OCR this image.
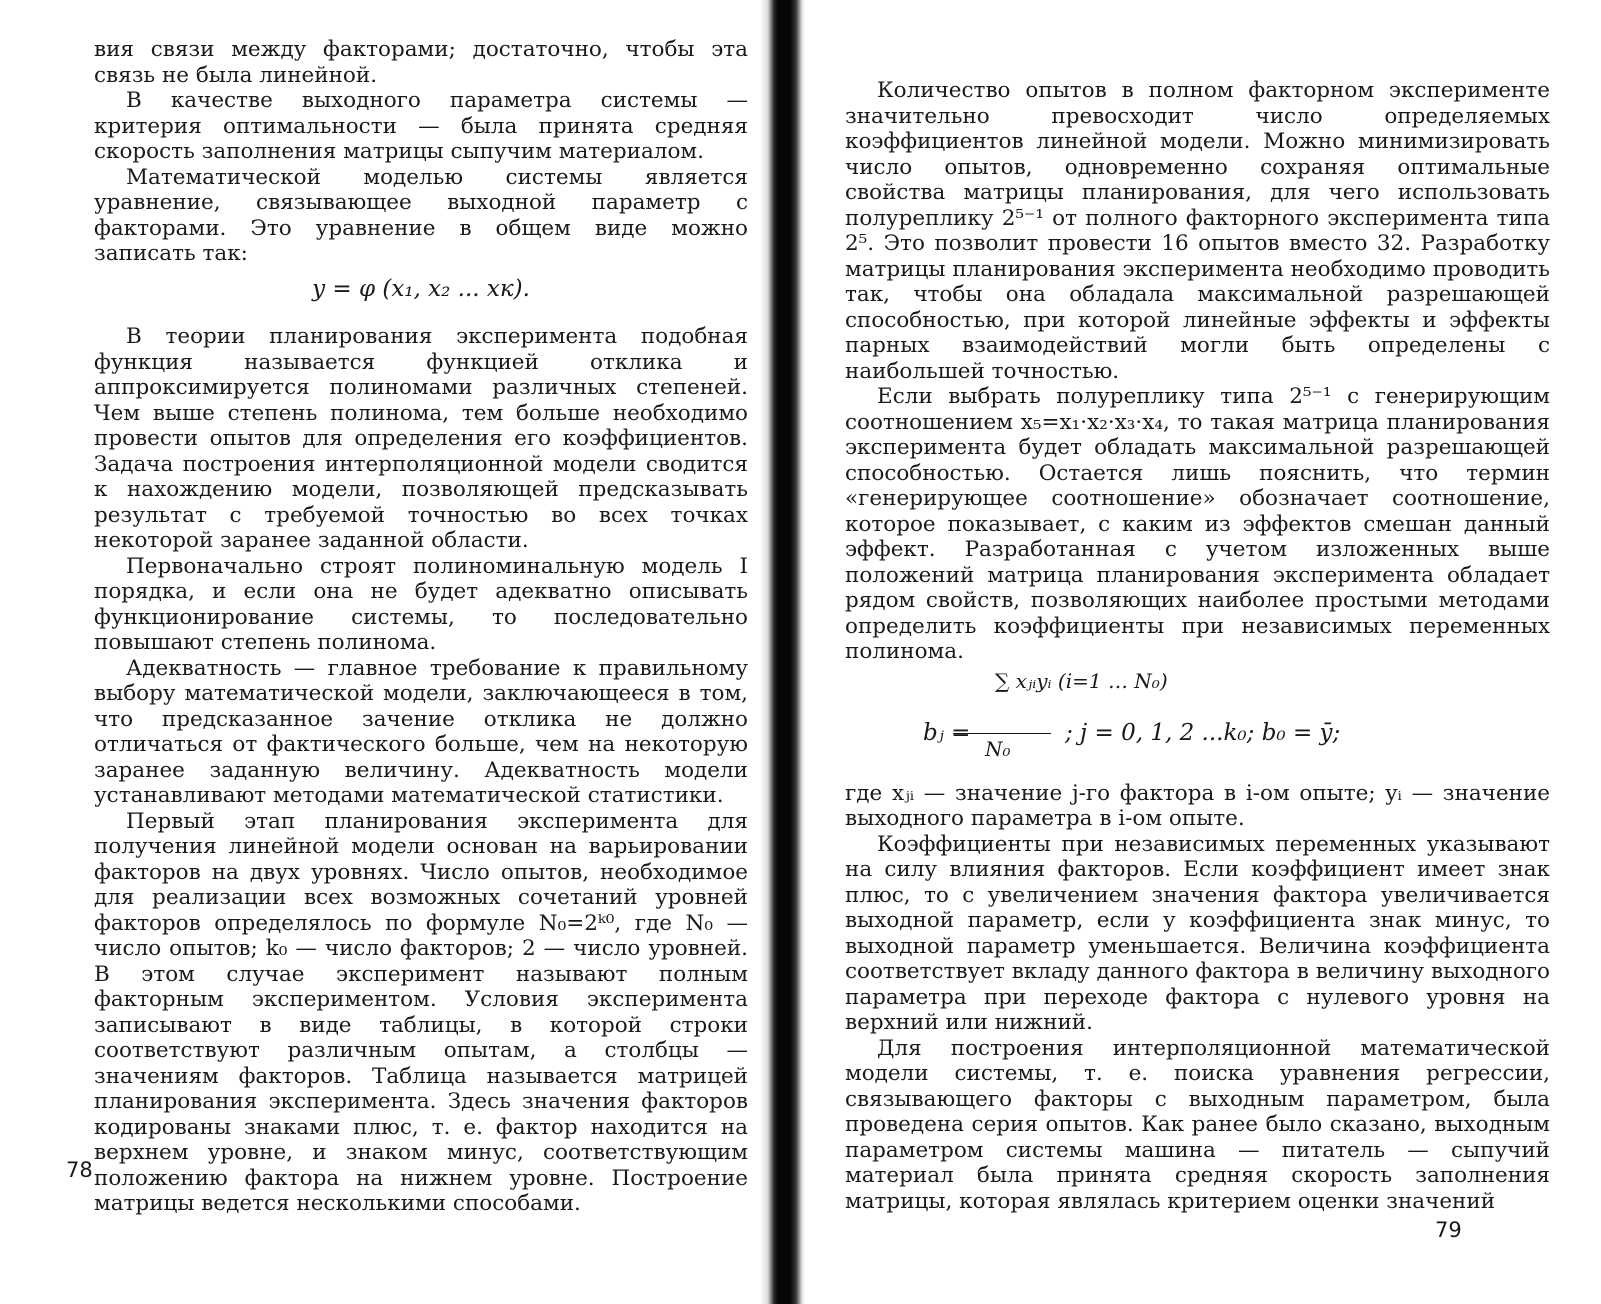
вия связи между факторами; достаточно, чтобы эта связь не была линейной.

В качестве выходного параметра системы — критерия оптимальности — была принята средняя скорость заполнения матрицы сыпучим материалом.

Математической моделью системы является уравнение, связывающее выходной параметр с факторами. Это уравнение в общем виде можно записать так:

y = φ (x₁, x₂ ... xк).

В теории планирования эксперимента подобная функция называется функцией отклика и аппроксимируется полиномами различных степеней. Чем выше степень полинома, тем больше необходимо провести опытов для определения его коэффициентов. Задача построения интерполяционной модели сводится к нахождению модели, позволяющей предсказывать результат с требуемой точностью во всех точках некоторой заранее заданной области.

Первоначально строят полиноминальную модель I порядка, и если она не будет адекватно описывать функционирование системы, то последовательно повышают степень полинома.

Адекватность — главное требование к правильному выбору математической модели, заключающееся в том, что предсказанное зачение отклика не должно отличаться от фактического больше, чем на некоторую заранее заданную величину. Адекватность модели устанавливают методами математической статистики.

Первый этап планирования эксперимента для получения линейной модели основан на варьировании факторов на двух уровнях. Число опытов, необходимое для реализации всех возможных сочетаний уровней факторов определялось по формуле N₀=2ᵏ⁰, где N₀ — число опытов; k₀ — число факторов; 2 — число уровней. В этом случае эксперимент называют полным факторным экспериментом. Условия эксперимента записывают в виде таблицы, в которой строки соответствуют различным опытам, а столбцы — значениям факторов. Таблица называется матрицей планирования эксперимента. Здесь значения факторов кодированы знаками плюс, т. е. фактор находится на верхнем уровне, и знаком минус, соответствующим положению фактора на нижнем уровне. Построение матрицы ведется несколькими способами.

78

Количество опытов в полном факторном эксперименте значительно превосходит число определяемых коэффициентов линейной модели. Можно минимизировать число опытов, одновременно сохраняя оптимальные свойства матрицы планирования, для чего использовать полуреплику 2⁵⁻¹ от полного факторного эксперимента типа 2⁵. Это позволит провести 16 опытов вместо 32. Разработку матрицы планирования эксперимента необходимо проводить так, чтобы она обладала максимальной разрешающей способностью, при которой линейные эффекты и эффекты парных взаимодействий могли быть определены с наибольшей точностью.

Если выбрать полуреплику типа 2⁵⁻¹ с генерирующим соотношением x₅=x₁·x₂·x₃·x₄, то такая матрица планирования эксперимента будет обладать максимальной разрешающей способностью. Остается лишь пояснить, что термин «генерирующее соотношение» обозначает соотношение, которое показывает, с каким из эффектов смешан данный эффект. Разработанная с учетом изложенных выше положений матрица планирования эксперимента обладает рядом свойств, позволяющих наиболее простыми методами определить коэффициенты при независимых переменных полинома.

∑ xⱼᵢyᵢ (i=1 … N₀)
bⱼ =
N₀
; j = 0, 1, 2 ...k₀; b₀ = ȳ;

где xⱼᵢ — значение j-го фактора в i-ом опыте; yᵢ — значение выходного параметра в i-ом опыте.

Коэффициенты при независимых переменных указывают на силу влияния факторов. Если коэффициент имеет знак плюс, то с увеличением значения фактора увеличивается выходной параметр, если у коэффициента знак минус, то выходной параметр уменьшается. Величина коэффициента соответствует вкладу данного фактора в величину выходного параметра при переходе фактора с нулевого уровня на верхний или нижний.

Для построения интерполяционной математической модели системы, т. е. поиска уравнения регрессии, связывающего факторы с выходным параметром, была проведена серия опытов. Как ранее было сказано, выходным параметром системы машина — питатель — сыпучий материал была принята средняя скорость заполнения матрицы, которая являлась критерием оценки значений

79
